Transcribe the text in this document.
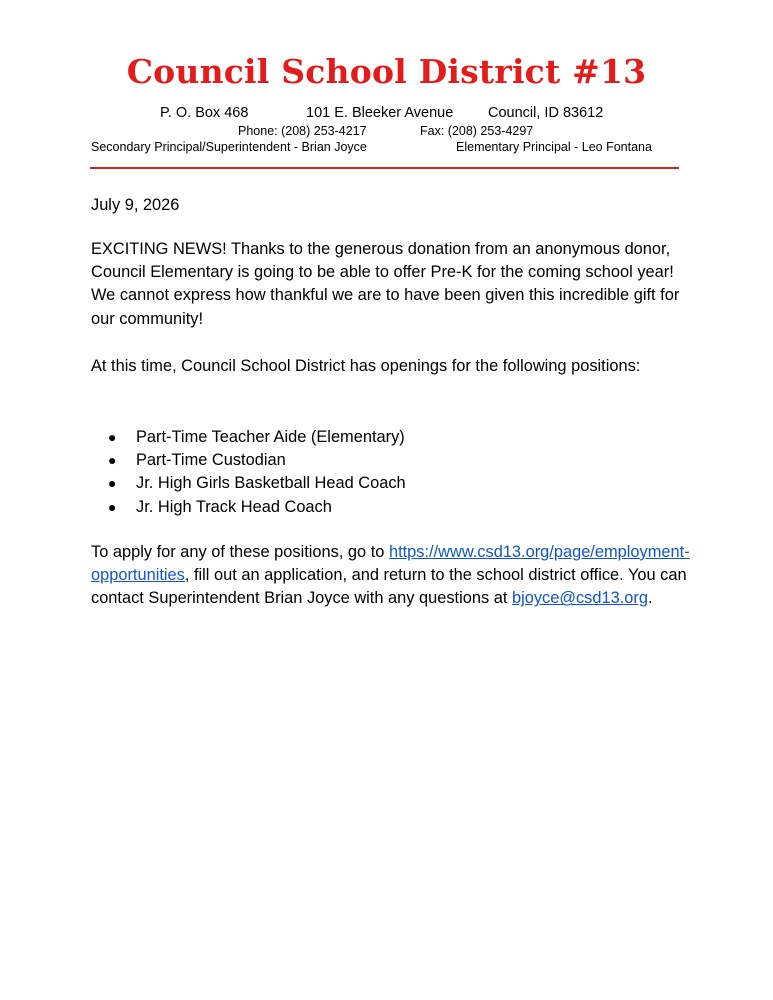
Council School District #13
P. O. Box 468	101 E. Bleeker Avenue Council, ID 83612
Phone: (208) 253-4217	Fax: (208) 253-4297
Secondary Principal/Superintendent - Brian Joyce	Elementary Principal - Leo Fontana

July 9, 2026

EXCITING NEWS! Thanks to the generous donation from an anonymous donor, Council Elementary is going to be able to offer Pre-K for the coming school year! We cannot express how thankful we are to have been given this incredible gift for our community!

At this time, Council School District has openings for the following positions:

● Part-Time Teacher Aide (Elementary)
● Part-Time Custodian
● Jr. High Girls Basketball Head Coach
● Jr. High Track Head Coach

To apply for any of these positions, go to https://www.csd13.org/page/employment-opportunities, fill out an application, and return to the school district office. You can contact Superintendent Brian Joyce with any questions at bjoyce@csd13.org.
